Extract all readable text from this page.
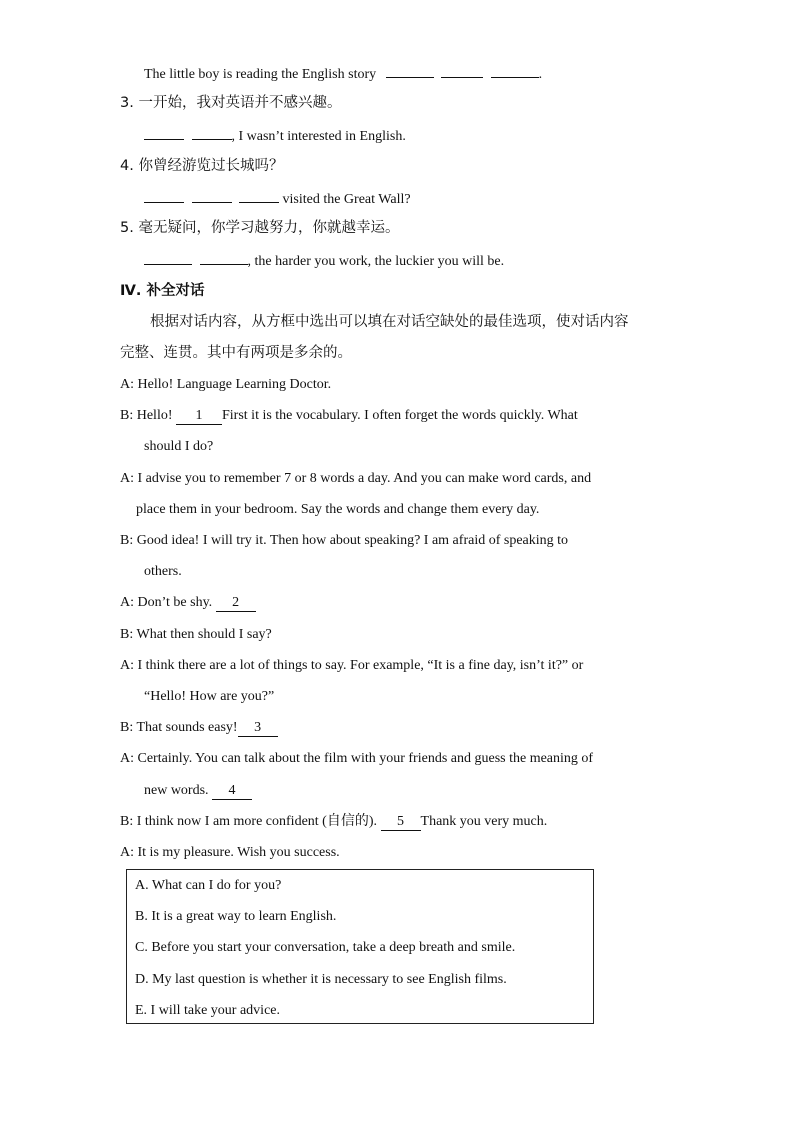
The little boy is reading the English story	.
3. 一开始，我对英语并不感兴趣。
, I wasn’t interested in English.
4. 你曾经游览过长城吗？
visited the Great Wall?
5. 毫无疑问，你学习越努力，你就越幸运。
, the harder you work, the luckier you will be.
Ⅳ. 补全对话
根据对话内容，从方框中选出可以填在对话空缺处的最佳选项，使对话内容
完整、连贯。其中有两项是多余的。
A: Hello! Language Learning Doctor.
B: Hello! 1 First it is the vocabulary. I often forget the words quickly. What
should I do?
A: I advise you to remember 7 or 8 words a day. And you can make word cards, and
place them in your bedroom. Say the words and change them every day.
B: Good idea! I will try it. Then how about speaking? I am afraid of speaking to
others.
A: Don’t be shy. 2
B: What then should I say?
A: I think there are a lot of things to say. For example, “It is a fine day, isn’t it?” or
“Hello! How are you?”
B: That sounds easy! 3
A: Certainly. You can talk about the film with your friends and guess the meaning of
new words. 4
B: I think now I am more confident (自信的). 5 Thank you very much.
A: It is my pleasure. Wish you success.
A. What can I do for you?
B. It is a great way to learn English.
C. Before you start your conversation, take a deep breath and smile.
D. My last question is whether it is necessary to see English films.
E. I will take your advice.
